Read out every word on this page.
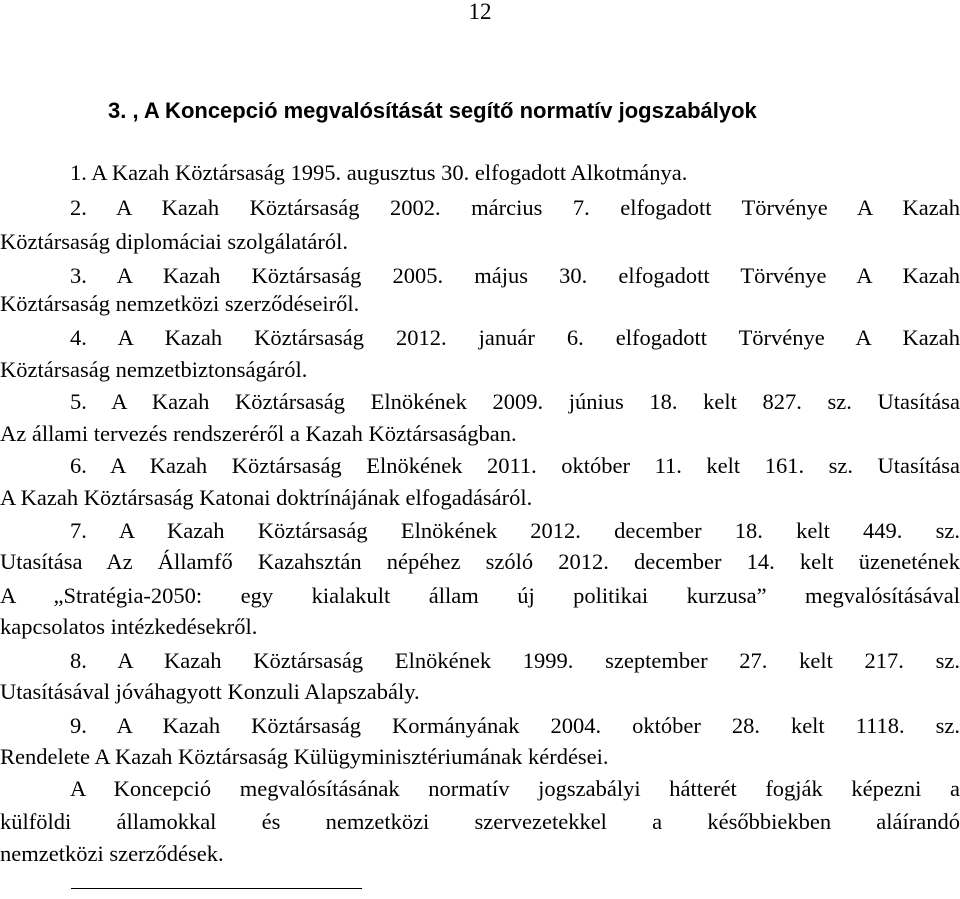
12
3. , A Koncepció megvalósítását segítő normatív jogszabályok
1. A Kazah Köztársaság 1995. augusztus 30. elfogadott Alkotmánya.
2. A Kazah Köztársaság 2002. március 7. elfogadott Törvénye A Kazah
Köztársaság diplomáciai szolgálatáról.
3. A Kazah Köztársaság 2005. május 30. elfogadott Törvénye A Kazah
Köztársaság nemzetközi szerződéseiről.
4. A Kazah Köztársaság 2012. január 6. elfogadott Törvénye A Kazah
Köztársaság nemzetbiztonságáról.
5. A Kazah Köztársaság Elnökének 2009. június 18. kelt 827. sz. Utasítása
Az állami tervezés rendszeréről a Kazah Köztársaságban.
6. A Kazah Köztársaság Elnökének 2011. október 11. kelt 161. sz. Utasítása
A Kazah Köztársaság Katonai doktrínájának elfogadásáról.
7. A Kazah Köztársaság Elnökének 2012. december 18. kelt 449. sz.
Utasítása Az Államfő Kazahsztán népéhez szóló 2012. december 14. kelt üzenetének
A „Stratégia-2050: egy kialakult állam új politikai kurzusa” megvalósításával
kapcsolatos intézkedésekről.
8. A Kazah Köztársaság Elnökének 1999. szeptember 27. kelt 217. sz.
Utasításával jóváhagyott Konzuli Alapszabály.
9. A Kazah Köztársaság Kormányának 2004. október 28. kelt 1118. sz.
Rendelete A Kazah Köztársaság Külügyminisztériumának kérdései.
A Koncepció megvalósításának normatív jogszabályi hátterét fogják képezni a
külföldi államokkal és nemzetközi szervezetekkel a későbbiekben aláírandó
nemzetközi szerződések.
